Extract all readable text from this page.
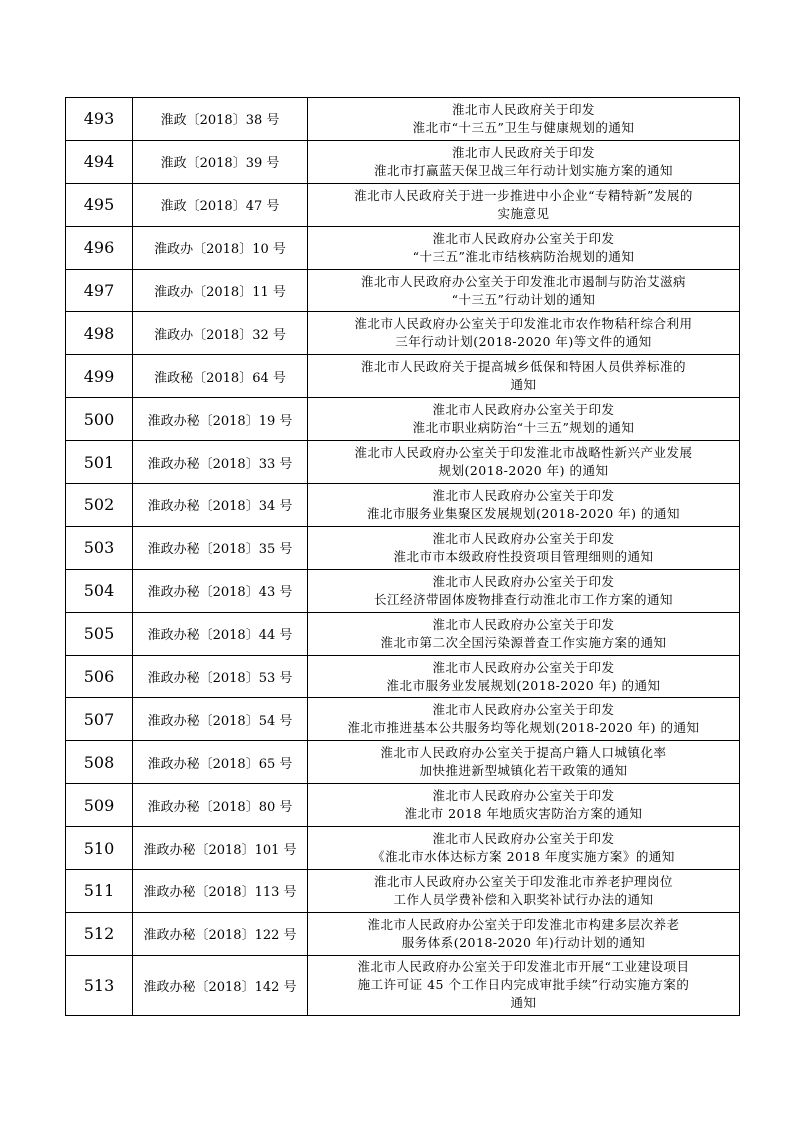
493	淮政〔2018〕38 号	淮北市人民政府关于印发
淮北市“十三五”卫生与健康规划的通知

494	淮政〔2018〕39 号	淮北市人民政府关于印发
淮北市打赢蓝天保卫战三年行动计划实施方案的通知

495	淮政〔2018〕47 号	淮北市人民政府关于进一步推进中小企业“专精特新”发展的
实施意见

496	淮政办〔2018〕10 号	淮北市人民政府办公室关于印发
“十三五”淮北市结核病防治规划的通知

497	淮政办〔2018〕11 号	淮北市人民政府办公室关于印发淮北市遏制与防治艾滋病
“十三五”行动计划的通知

498	淮政办〔2018〕32 号	淮北市人民政府办公室关于印发淮北市农作物秸秆综合利用
三年行动计划(2018-2020 年)等文件的通知

499	淮政秘〔2018〕64 号	淮北市人民政府关于提高城乡低保和特困人员供养标准的
通知

500	淮政办秘〔2018〕19 号	淮北市人民政府办公室关于印发
淮北市职业病防治“十三五”规划的通知

501	淮政办秘〔2018〕33 号	淮北市人民政府办公室关于印发淮北市战略性新兴产业发展
规划(2018-2020 年) 的通知

502	淮政办秘〔2018〕34 号	淮北市人民政府办公室关于印发
淮北市服务业集聚区发展规划(2018-2020 年) 的通知

503	淮政办秘〔2018〕35 号	淮北市人民政府办公室关于印发
淮北市市本级政府性投资项目管理细则的通知

504	淮政办秘〔2018〕43 号	淮北市人民政府办公室关于印发
长江经济带固体废物排查行动淮北市工作方案的通知

505	淮政办秘〔2018〕44 号	淮北市人民政府办公室关于印发
淮北市第二次全国污染源普查工作实施方案的通知

506	淮政办秘〔2018〕53 号	淮北市人民政府办公室关于印发
淮北市服务业发展规划(2018-2020 年) 的通知

507	淮政办秘〔2018〕54 号	淮北市人民政府办公室关于印发
淮北市推进基本公共服务均等化规划(2018-2020 年) 的通知

508	淮政办秘〔2018〕65 号	淮北市人民政府办公室关于提高户籍人口城镇化率
加快推进新型城镇化若干政策的通知

509	淮政办秘〔2018〕80 号	淮北市人民政府办公室关于印发
淮北市 2018 年地质灾害防治方案的通知

510	淮政办秘〔2018〕101 号	淮北市人民政府办公室关于印发
《淮北市水体达标方案 2018 年度实施方案》的通知

511	淮政办秘〔2018〕113 号	淮北市人民政府办公室关于印发淮北市养老护理岗位
工作人员学费补偿和入职奖补试行办法的通知

512	淮政办秘〔2018〕122 号	淮北市人民政府办公室关于印发淮北市构建多层次养老
服务体系(2018-2020 年)行动计划的通知

513	淮政办秘〔2018〕142 号	淮北市人民政府办公室关于印发淮北市开展“工业建设项目
施工许可证 45 个工作日内完成审批手续”行动实施方案的
通知
